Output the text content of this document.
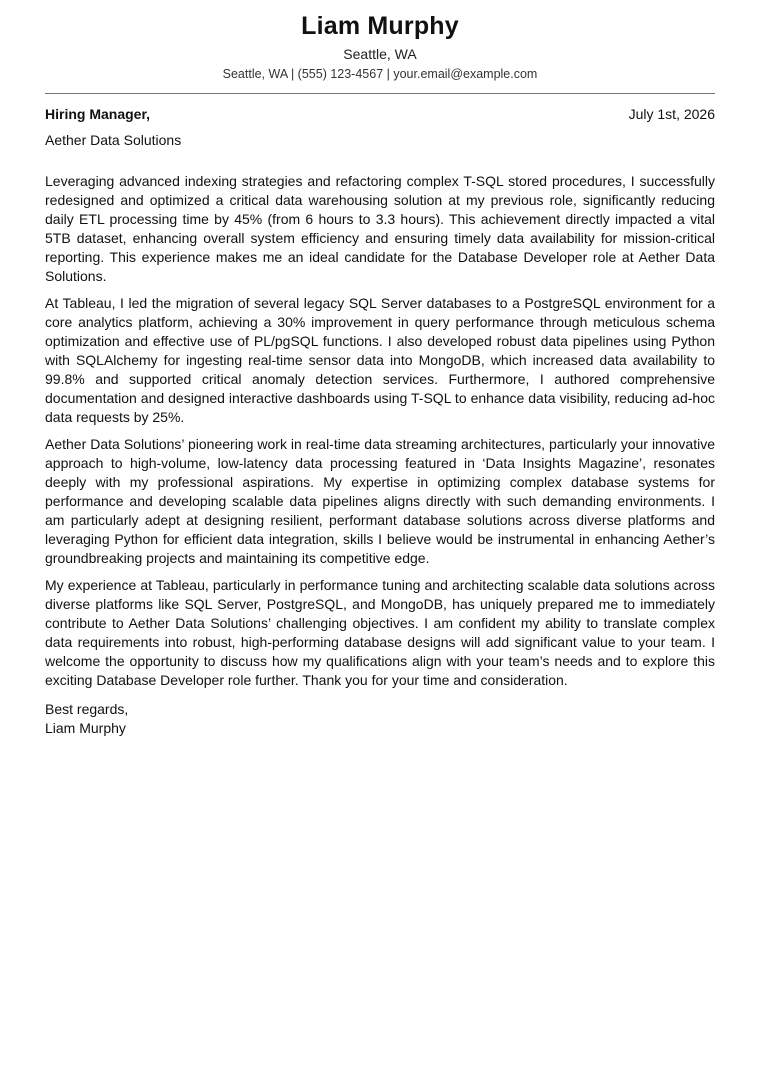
Liam Murphy
Seattle, WA
Seattle, WA | (555) 123-4567 | your.email@example.com
Hiring Manager,	July 1st, 2026
Aether Data Solutions

Leveraging advanced indexing strategies and refactoring complex T-SQL stored procedures, I successfully redesigned and optimized a critical data warehousing solution at my previous role, significantly reducing daily ETL processing time by 45% (from 6 hours to 3.3 hours). This achievement directly impacted a vital 5TB dataset, enhancing overall system efficiency and ensuring timely data availability for mission-critical reporting. This experience makes me an ideal candidate for the Database Developer role at Aether Data Solutions.

At Tableau, I led the migration of several legacy SQL Server databases to a PostgreSQL environment for a core analytics platform, achieving a 30% improvement in query performance through meticulous schema optimization and effective use of PL/pgSQL functions. I also developed robust data pipelines using Python with SQLAlchemy for ingesting real-time sensor data into MongoDB, which increased data availability to 99.8% and supported critical anomaly detection services. Furthermore, I authored comprehensive documentation and designed interactive dashboards using T-SQL to enhance data visibility, reducing ad-hoc data requests by 25%.

Aether Data Solutions’ pioneering work in real-time data streaming architectures, particularly your innovative approach to high-volume, low-latency data processing featured in ‘Data Insights Magazine’, resonates deeply with my professional aspirations. My expertise in optimizing complex database systems for performance and developing scalable data pipelines aligns directly with such demanding environments. I am particularly adept at designing resilient, performant database solutions across diverse platforms and leveraging Python for efficient data integration, skills I believe would be instrumental in enhancing Aether’s groundbreaking projects and maintaining its competitive edge.

My experience at Tableau, particularly in performance tuning and architecting scalable data solutions across diverse platforms like SQL Server, PostgreSQL, and MongoDB, has uniquely prepared me to immediately contribute to Aether Data Solutions’ challenging objectives. I am confident my ability to translate complex data requirements into robust, high-performing database designs will add significant value to your team. I welcome the opportunity to discuss how my qualifications align with your team’s needs and to explore this exciting Database Developer role further. Thank you for your time and consideration.

Best regards,
Liam Murphy
